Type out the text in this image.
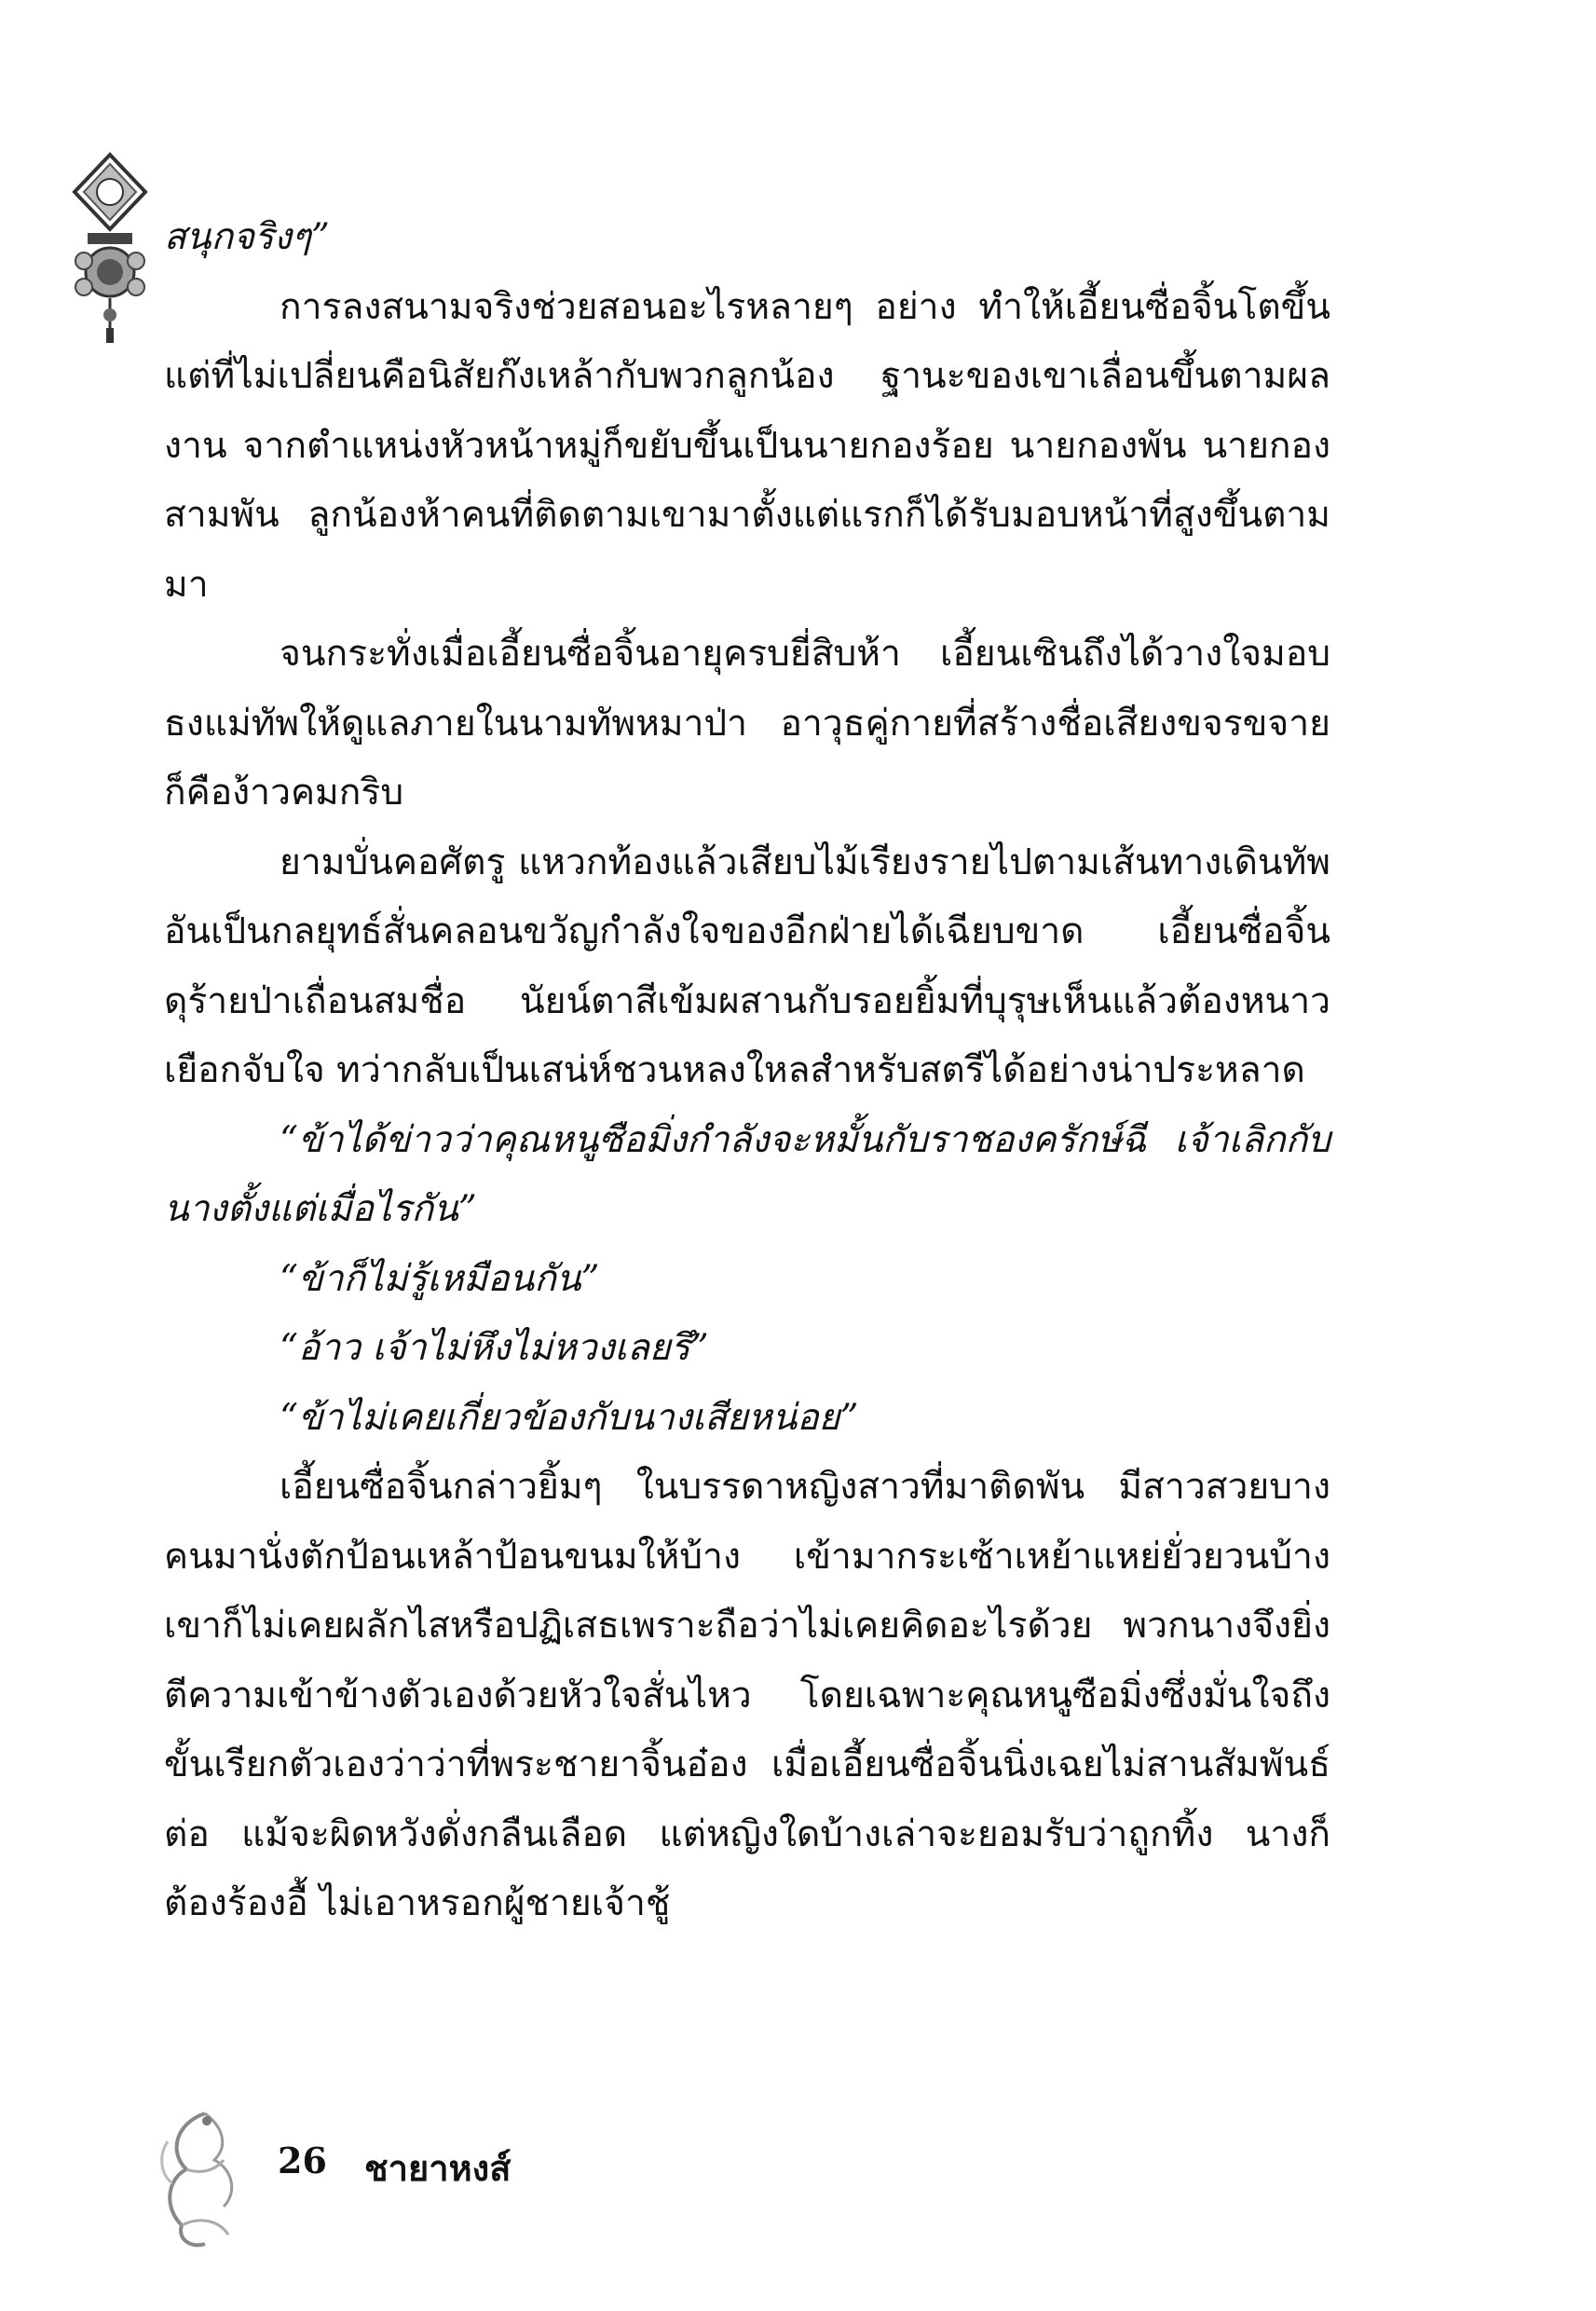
สนุกจริงๆ”

การลงสนามจริงช่วยสอนอะไรหลายๆ อย่าง ทำให้เอี้ยนซื่อจิ้นโตขึ้น แต่ที่ไม่เปลี่ยนคือนิสัยก๊งเหล้ากับพวกลูกน้อง ฐานะของเขาเลื่อนขึ้นตามผลงาน จากตำแหน่งหัวหน้าหมู่ก็ขยับขึ้นเป็นนายกองร้อย นายกองพัน นายกองสามพัน ลูกน้องห้าคนที่ติดตามเขามาตั้งแต่แรกก็ได้รับมอบหน้าที่สูงขึ้นตามมา

จนกระทั่งเมื่อเอี้ยนซื่อจิ้นอายุครบยี่สิบห้า เอี้ยนเซินถึงได้วางใจมอบธงแม่ทัพให้ดูแลภายในนามทัพหมาป่า อาวุธคู่กายที่สร้างชื่อเสียงขจรขจายก็คือง้าวคมกริบ

ยามบั่นคอศัตรู แหวกท้องแล้วเสียบไม้เรียงรายไปตามเส้นทางเดินทัพ อันเป็นกลยุทธ์สั่นคลอนขวัญกำลังใจของอีกฝ่ายได้เฉียบขาด เอี้ยนซื่อจิ้นดุร้ายป่าเถื่อนสมชื่อ นัยน์ตาสีเข้มผสานกับรอยยิ้มที่บุรุษเห็นแล้วต้องหนาวเยือกจับใจ ทว่ากลับเป็นเสน่ห์ชวนหลงใหลสำหรับสตรีได้อย่างน่าประหลาด

“ข้าได้ข่าวว่าคุณหนูซือมิ่งกำลังจะหมั้นกับราชองครักษ์ฉี เจ้าเลิกกับนางตั้งแต่เมื่อไรกัน”

“ข้าก็ไม่รู้เหมือนกัน”

“อ้าว เจ้าไม่หึงไม่หวงเลยรึ”

“ข้าไม่เคยเกี่ยวข้องกับนางเสียหน่อย”

เอี้ยนซื่อจิ้นกล่าวยิ้มๆ ในบรรดาหญิงสาวที่มาติดพัน มีสาวสวยบางคนมานั่งตักป้อนเหล้าป้อนขนมให้บ้าง เข้ามากระเซ้าเหย้าแหย่ยั่วยวนบ้าง เขาก็ไม่เคยผลักไสหรือปฏิเสธเพราะถือว่าไม่เคยคิดอะไรด้วย พวกนางจึงยิ่งตีความเข้าข้างตัวเองด้วยหัวใจสั่นไหว โดยเฉพาะคุณหนูซือมิ่งซึ่งมั่นใจถึงขั้นเรียกตัวเองว่าว่าที่พระชายาจิ้นอ๋อง เมื่อเอี้ยนซื่อจิ้นนิ่งเฉยไม่สานสัมพันธ์ต่อ แม้จะผิดหวังดั่งกลืนเลือด แต่หญิงใดบ้างเล่าจะยอมรับว่าถูกทิ้ง นางก็ต้องร้องอื้ ไม่เอาหรอกผู้ชายเจ้าชู้

26 ชายาหงส์
